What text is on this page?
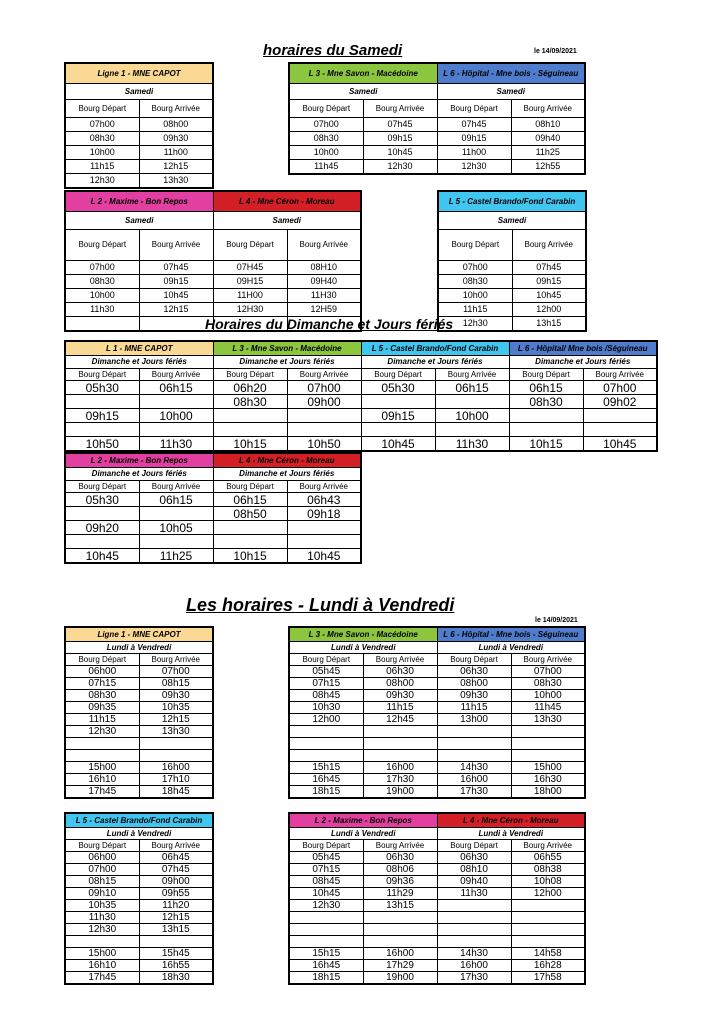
horaires du Samedi	le 14/09/2021
Ligne 1 - MNE CAPOT	
Samedi	
Bourg Départ	Bourg Arrivée
07h00	08h00
08h30	09h30
10h00	11h00
11h15	12h15
12h30	13h30
L 3 - Mne Savon - Macédoine		L 6 - Hôpital - Mne bois - Séguineau	
Samedi		Samedi	
Bourg Départ	Bourg Arrivée	Bourg Départ	Bourg Arrivée
07h00	07h45	07h45	08h10
08h30	09h15	09h15	09h40
10h00	10h45	11h00	11h25
11h45	12h30	12h30	12h55
L 2 - Maxime - Bon Repos		L 4 - Mne Céron - Moreau	
Samedi		Samedi	
Bourg Départ	Bourg Arrivée	Bourg Départ	Bourg Arrivée
07h00	07h45	07H45	08H10
08h30	09h15	09H15	09H40
10h00	10h45	11H00	11H30
11h30	12h15	12H30	12H59

L 5 - Castel Brando/Fond Carabin	
Samedi	
Bourg Départ	Bourg Arrivée
07h00	07h45
08h30	09h15
10h00	10h45
11h15	12h00
12h30	13h15
Horaires du Dimanche et Jours fériés
L 1 - MNE CAPOT		L 3 - Mne Savon - Macédoine		L 5 - Castel Brando/Fond Carabin		L 6 - Hôpital/ Mne bois /Séguineau	
Dimanche et Jours fériés		Dimanche et Jours fériés		Dimanche et Jours fériés		Dimanche et Jours fériés	
Bourg Départ	Bourg Arrivée	Bourg Départ	Bourg Arrivée	Bourg Départ	Bourg Arrivée	Bourg Départ	Bourg Arrivée
05h30	06h15	06h20	07h00	05h30	06h15	06h15	07h00
		08h30	09h00			08h30	09h02
09h15	10h00			09h15	10h00		

10h50	11h30	10h15	10h50	10h45	11h30	10h15	10h45
L 2 - Maxime - Bon Repos		L 4 - Mne Céron - Moreau	
Dimanche et Jours fériés		Dimanche et Jours fériés	
Bourg Départ	Bourg Arrivée	Bourg Départ	Bourg Arrivée
05h30	06h15	06h15	06h43
		08h50	09h18
09h20	10h05		

10h45	11h25	10h15	10h45
Les horaires - Lundi à Vendredi
le 14/09/2021
Ligne 1 - MNE CAPOT	
Lundi à Vendredi	
Bourg Départ	Bourg Arrivée
06h00	07h00
07h15	08h15
08h30	09h30
09h35	10h35
11h15	12h15
12h30	13h30

15h00	16h00
16h10	17h10
17h45	18h45
L 3 - Mne Savon - Macédoine		L 6 - Hôpital - Mne bois - Séguineau	
Lundi à Vendredi		Lundi à Vendredi	
Bourg Départ	Bourg Arrivée	Bourg Départ	Bourg Arrivée
05h45	06h30	06h30	07h00
07h15	08h00	08h00	08h30
08h45	09h30	09h30	10h00
10h30	11h15	11h15	11h45
12h00	12h45	13h00	13h30

15h15	16h00	14h30	15h00
16h45	17h30	16h00	16h30
18h15	19h00	17h30	18h00
L 5 - Castel Brando/Fond Carabin	
Lundi à Vendredi	
Bourg Départ	Bourg Arrivée
06h00	06h45
07h00	07h45
08h15	09h00
09h10	09h55
10h35	11h20
11h30	12h15
12h30	13h15

15h00	15h45
16h10	16h55
17h45	18h30
L 2 - Maxime - Bon Repos		L 4 - Mne Céron - Moreau	
Lundi à Vendredi		Lundi à Vendredi	
Bourg Départ	Bourg Arrivée	Bourg Départ	Bourg Arrivée
05h45	06h30	06h30	06h55
07h15	08h06	08h10	08h38
08h45	09h36	09h40	10h08
10h45	11h29	11h30	12h00
12h30	13h15		

15h15	16h00	14h30	14h58
16h45	17h29	16h00	16h28
18h15	19h00	17h30	17h58
